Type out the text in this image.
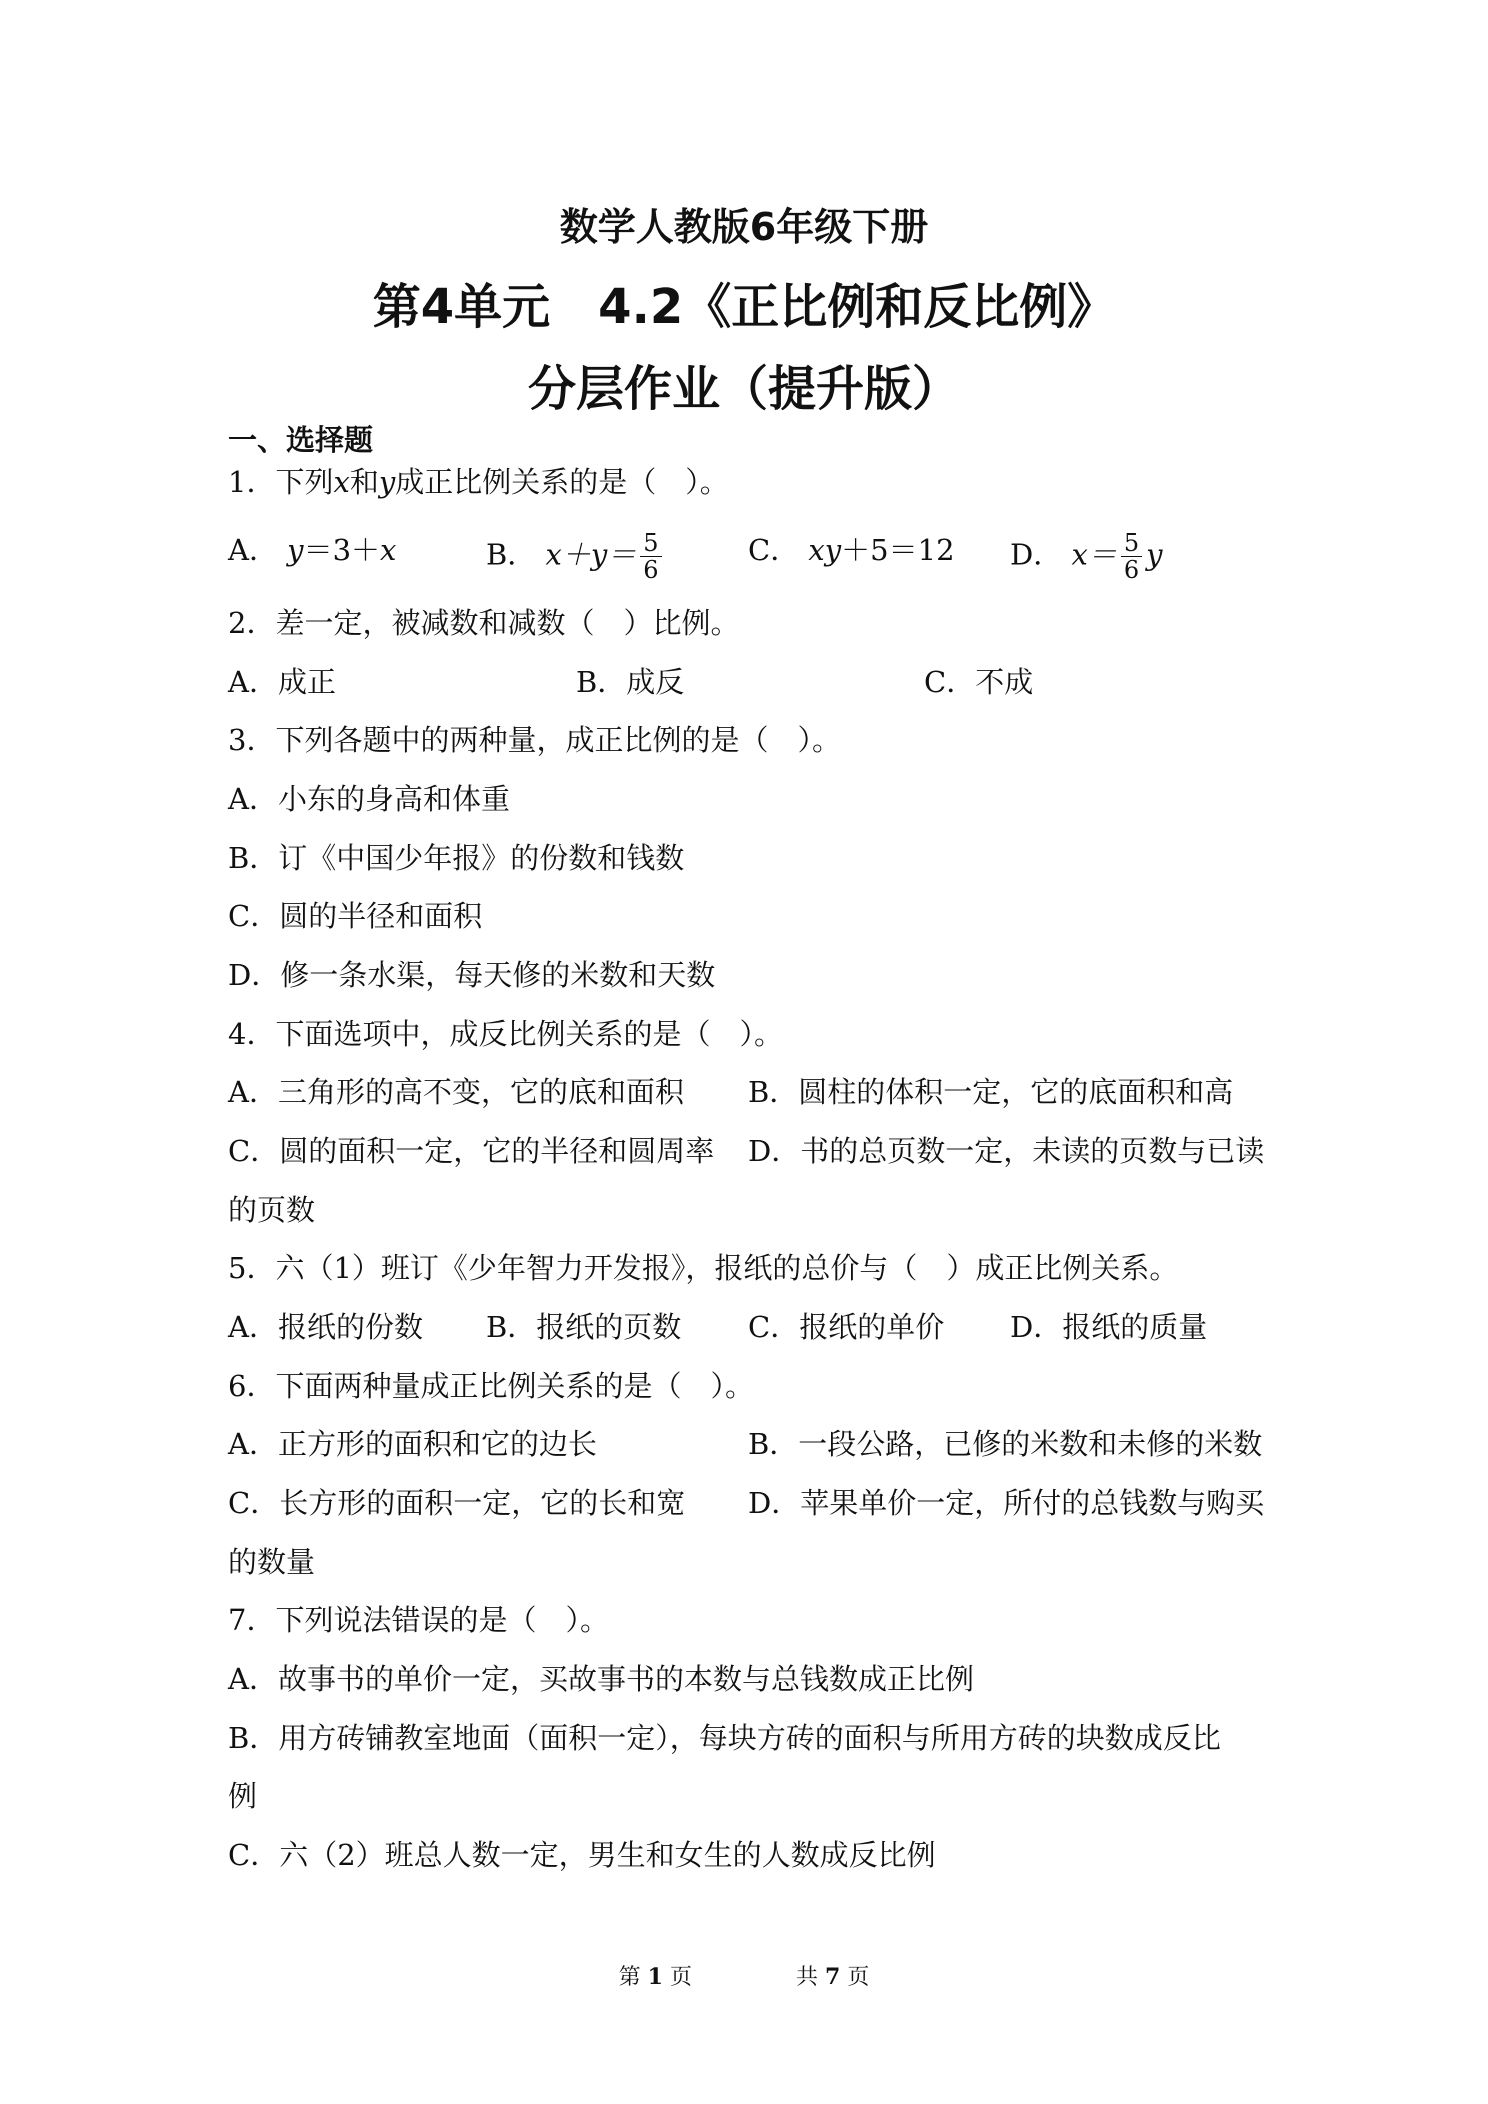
数学人教版6年级下册
第4单元　4.2《正比例和反比例》
分层作业（提升版）
一、选择题
1．下列x和y成正比例关系的是（　）。
A． y＝3＋x	B． $x+y= \frac{5}{6}$	C． xy＋5＝12 D． $x= \frac{5}{6}$ y
2．差一定，被减数和减数（　）比例。
A．成正	B．成反	C．不成
3．下列各题中的两种量，成正比例的是（　）。
A．小东的身高和体重
B．订《中国少年报》的份数和钱数
C．圆的半径和面积
D．修一条水渠，每天修的米数和天数
4．下面选项中，成反比例关系的是（　）。
A．三角形的高不变，它的底和面积 B．圆柱的体积一定，它的底面积和高
C．圆的面积一定，它的半径和圆周率 D．书的总页数一定，未读的页数与已读
的页数
5．六（1）班订《少年智力开发报》，报纸的总价与（　）成正比例关系。
A．报纸的份数 B．报纸的页数 C．报纸的单价 D．报纸的质量
6．下面两种量成正比例关系的是（　）。
A．正方形的面积和它的边长	B．一段公路，已修的米数和未修的米数
C．长方形的面积一定，它的长和宽 D．苹果单价一定，所付的总钱数与购买
的数量
7．下列说法错误的是（　）。
A．故事书的单价一定，买故事书的本数与总钱数成正比例
B．用方砖铺教室地面（面积一定），每块方砖的面积与所用方砖的块数成反比
例
C．六（2）班总人数一定，男生和女生的人数成反比例
第 1 页	共 7 页
